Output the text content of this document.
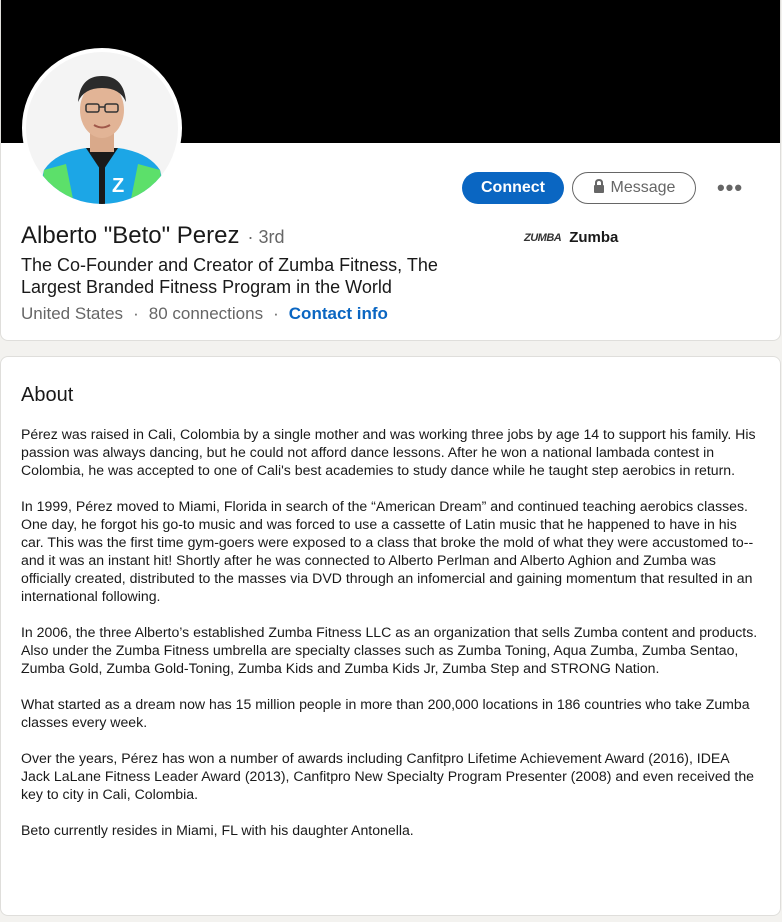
Z	Connect	Message	•••
Alberto "Beto" Perez · 3rd
The Co-Founder and Creator of Zumba Fitness, The Largest Branded Fitness Program in the World
United States · 80 connections · Contact info
ZUMBA Zumba
About

Pérez was raised in Cali, Colombia by a single mother and was working three jobs by age 14 to support his family. His passion was always dancing, but he could not afford dance lessons. After he won a national lambada contest in Colombia, he was accepted to one of Cali's best academies to study dance while he taught step aerobics in return.

In 1999, Pérez moved to Miami, Florida in search of the “American Dream” and continued teaching aerobics classes. One day, he forgot his go-to music and was forced to use a cassette of Latin music that he happened to have in his car. This was the first time gym-goers were exposed to a class that broke the mold of what they were accustomed to-- and it was an instant hit! Shortly after he was connected to Alberto Perlman and Alberto Aghion and Zumba was officially created, distributed to the masses via DVD through an infomercial and gaining momentum that resulted in an international following.

In 2006, the three Alberto’s established Zumba Fitness LLC as an organization that sells Zumba content and products. Also under the Zumba Fitness umbrella are specialty classes such as Zumba Toning, Aqua Zumba, Zumba Sentao, Zumba Gold, Zumba Gold-Toning, Zumba Kids and Zumba Kids Jr, Zumba Step and STRONG Nation.

What started as a dream now has 15 million people in more than 200,000 locations in 186 countries who take Zumba classes every week.

Over the years, Pérez has won a number of awards including Canfitpro Lifetime Achievement Award (2016), IDEA Jack LaLane Fitness Leader Award (2013), Canfitpro New Specialty Program Presenter (2008) and even received the key to city in Cali, Colombia.

Beto currently resides in Miami, FL with his daughter Antonella.
